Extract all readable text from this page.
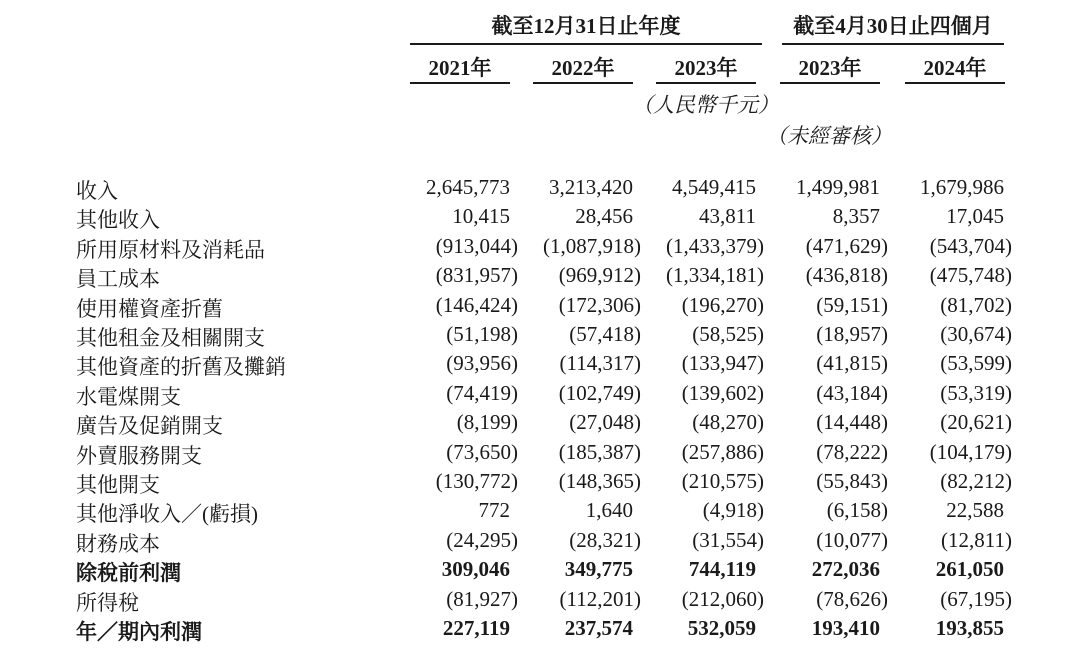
截至12月31日止年度	截至4月30日止四個月
2021年	2022年	2023年	2023年	2024年
（人民幣千元）
（未經審核）
收入	2,645,773 3,213,420 4,549,415 1,499,981 1,679,986
其他收入	10,415	28,456	43,811	8,357	17,045
所用原材料及消耗品	(913,044) (1,087,918) (1,433,379) (471,629) (543,704)
員工成本	(831,957) (969,912) (1,334,181) (436,818) (475,748)
使用權資產折舊	(146,424) (172,306) (196,270) (59,151) (81,702)
其他租金及相關開支	(51,198) (57,418) (58,525) (18,957) (30,674)
其他資產的折舊及攤銷	(93,956) (114,317) (133,947) (41,815) (53,599)
水電煤開支	(74,419) (102,749) (139,602) (43,184) (53,319)
廣告及促銷開支	(8,199) (27,048) (48,270) (14,448) (20,621)
外賣服務開支	(73,650) (185,387) (257,886) (78,222) (104,179)
其他開支	(130,772) (148,365) (210,575) (55,843) (82,212)
其他淨收入／(虧損)	772	1,640	(4,918)	(6,158)	22,588
財務成本	(24,295) (28,321) (31,554) (10,077)	(12,811)
除稅前利潤	309,046	349,775	744,119	272,036	261,050
所得稅	(81,927) (112,201) (212,060) (78,626) (67,195)
年／期內利潤	227,119	237,574	532,059	193,410	193,855
